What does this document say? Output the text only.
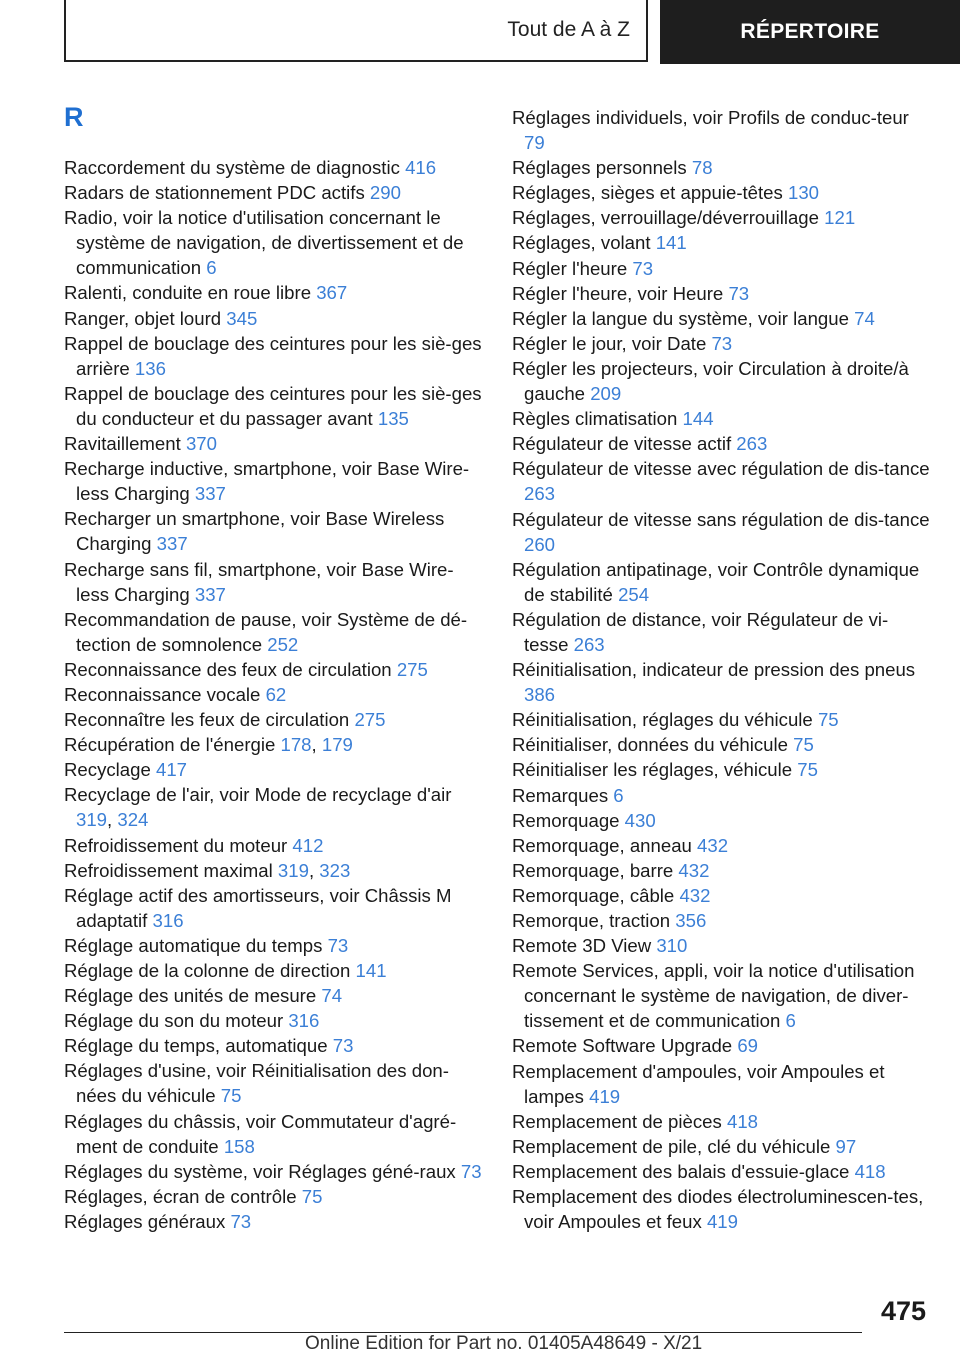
Tout de A à Z	RÉPERTOIRE
R
Raccordement du système de diagnostic 416
Radars de stationnement PDC actifs 290
Radio, voir la notice d'utilisation concernant le système de navigation, de divertissement et de communication 6
Ralenti, conduite en roue libre 367
Ranger, objet lourd 345
Rappel de bouclage des ceintures pour les siè‐ges arrière 136
Rappel de bouclage des ceintures pour les siè‐ges du conducteur et du passager avant 135
Ravitaillement 370
Recharge inductive, smartphone, voir Base Wire‐less Charging 337
Recharger un smartphone, voir Base Wireless Charging 337
Recharge sans fil, smartphone, voir Base Wire‐less Charging 337
Recommandation de pause, voir Système de dé‐tection de somnolence 252
Reconnaissance des feux de circulation 275
Reconnaissance vocale 62
Reconnaître les feux de circulation 275
Récupération de l'énergie 178, 179
Recyclage 417
Recyclage de l'air, voir Mode de recyclage d'air 319, 324
Refroidissement du moteur 412
Refroidissement maximal 319, 323
Réglage actif des amortisseurs, voir Châssis M adaptatif 316
Réglage automatique du temps 73
Réglage de la colonne de direction 141
Réglage des unités de mesure 74
Réglage du son du moteur 316
Réglage du temps, automatique 73
Réglages d'usine, voir Réinitialisation des don‐nées du véhicule 75
Réglages du châssis, voir Commutateur d'agré‐ment de conduite 158
Réglages du système, voir Réglages géné‐raux 73
Réglages, écran de contrôle 75
Réglages généraux 73
Réglages individuels, voir Profils de conduc‐teur 79
Réglages personnels 78
Réglages, sièges et appuie-têtes 130
Réglages, verrouillage/déverrouillage 121
Réglages, volant 141
Régler l'heure 73
Régler l'heure, voir Heure 73
Régler la langue du système, voir langue 74
Régler le jour, voir Date 73
Régler les projecteurs, voir Circulation à droite/à gauche 209
Règles climatisation 144
Régulateur de vitesse actif 263
Régulateur de vitesse avec régulation de dis‐tance 263
Régulateur de vitesse sans régulation de dis‐tance 260
Régulation antipatinage, voir Contrôle dynamique de stabilité 254
Régulation de distance, voir Régulateur de vi‐tesse 263
Réinitialisation, indicateur de pression des pneus 386
Réinitialisation, réglages du véhicule 75
Réinitialiser, données du véhicule 75
Réinitialiser les réglages, véhicule 75
Remarques 6
Remorquage 430
Remorquage, anneau 432
Remorquage, barre 432
Remorquage, câble 432
Remorque, traction 356
Remote 3D View 310
Remote Services, appli, voir la notice d'utilisation concernant le système de navigation, de diver‐tissement et de communication 6
Remote Software Upgrade 69
Remplacement d'ampoules, voir Ampoules et lampes 419
Remplacement de pièces 418
Remplacement de pile, clé du véhicule 97
Remplacement des balais d'essuie-glace 418
Remplacement des diodes électroluminescen‐tes, voir Ampoules et feux 419
475
Online Edition for Part no. 01405A48649 - X/21
